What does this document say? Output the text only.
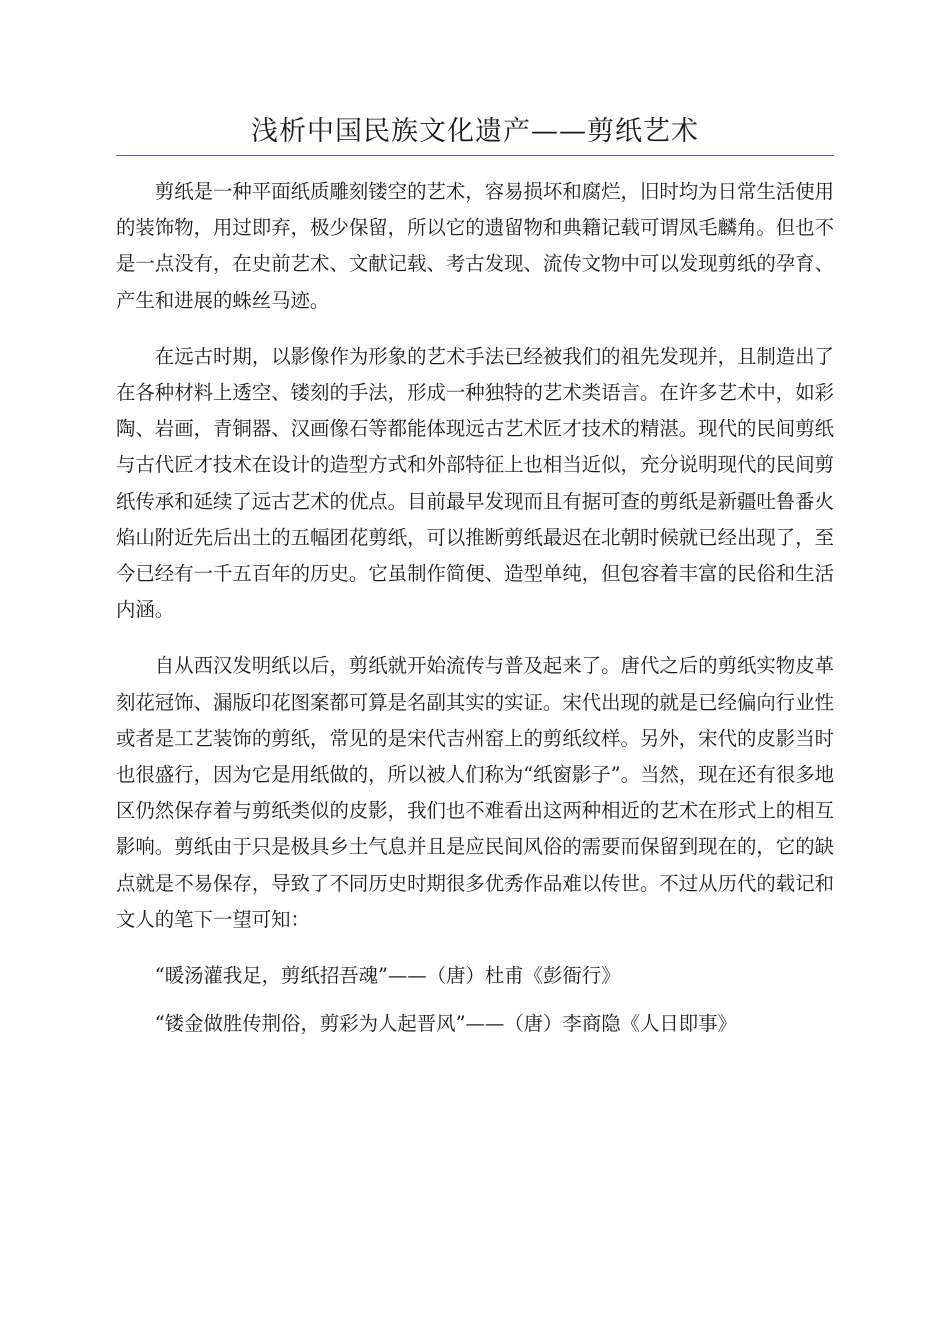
浅析中国民族文化遗产——剪纸艺术

剪纸是一种平面纸质雕刻镂空的艺术，容易损坏和腐烂，旧时均为日常生活使用的装饰物，用过即弃，极少保留，所以它的遗留物和典籍记载可谓凤毛麟角。但也不是一点没有，在史前艺术、文献记载、考古发现、流传文物中可以发现剪纸的孕育、产生和进展的蛛丝马迹。

在远古时期，以影像作为形象的艺术手法已经被我们的祖先发现并，且制造出了在各种材料上透空、镂刻的手法，形成一种独特的艺术类语言。在许多艺术中，如彩陶、岩画，青铜器、汉画像石等都能体现远古艺术匠才技术的精湛。现代的民间剪纸与古代匠才技术在设计的造型方式和外部特征上也相当近似，充分说明现代的民间剪纸传承和延续了远古艺术的优点。目前最早发现而且有据可查的剪纸是新疆吐鲁番火焰山附近先后出土的五幅团花剪纸，可以推断剪纸最迟在北朝时候就已经出现了，至今已经有一千五百年的历史。它虽制作简便、造型单纯，但包容着丰富的民俗和生活内涵。

自从西汉发明纸以后，剪纸就开始流传与普及起来了。唐代之后的剪纸实物皮革刻花冠饰、漏版印花图案都可算是名副其实的实证。宋代出现的就是已经偏向行业性或者是工艺装饰的剪纸，常见的是宋代吉州窑上的剪纸纹样。另外，宋代的皮影当时也很盛行，因为它是用纸做的，所以被人们称为“纸窗影子”。当然，现在还有很多地区仍然保存着与剪纸类似的皮影，我们也不难看出这两种相近的艺术在形式上的相互影响。剪纸由于只是极具乡土气息并且是应民间风俗的需要而保留到现在的，它的缺点就是不易保存，导致了不同历史时期很多优秀作品难以传世。不过从历代的载记和文人的笔下一望可知：

“暖汤灌我足，剪纸招吾魂”——（唐）杜甫《彭衙行》

“镂金做胜传荆俗，剪彩为人起晋风”——（唐）李商隐《人日即事》
